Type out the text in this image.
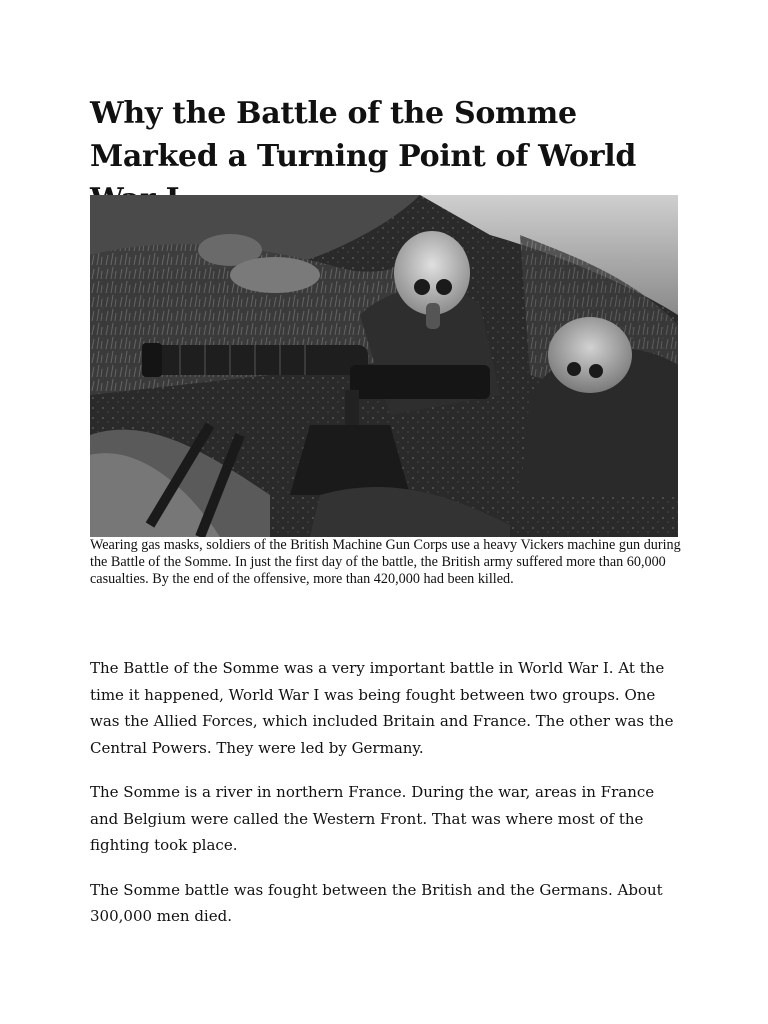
Why the Battle of the Somme Marked a Turning Point of World

Wearing gas masks, soldiers of the British Machine Gun Corps use a heavy Vickers machine gun during the Battle of the Somme. In just the first day of the battle, the British army suffered more than 60,000 casualties. By the end of the offensive, more than 420,000 had been killed.

The Battle of the Somme was a very important battle in World War I. At the time it happened, World War I was being fought between two groups. One was the Allied Forces, which included Britain and France. The other was the Central Powers. They were led by Germany.

The Somme is a river in northern France. During the war, areas in France and Belgium were called the Western Front. That was where most of the fighting took place.

The Somme battle was fought between the British and the Germans. About 300,000 men died.
